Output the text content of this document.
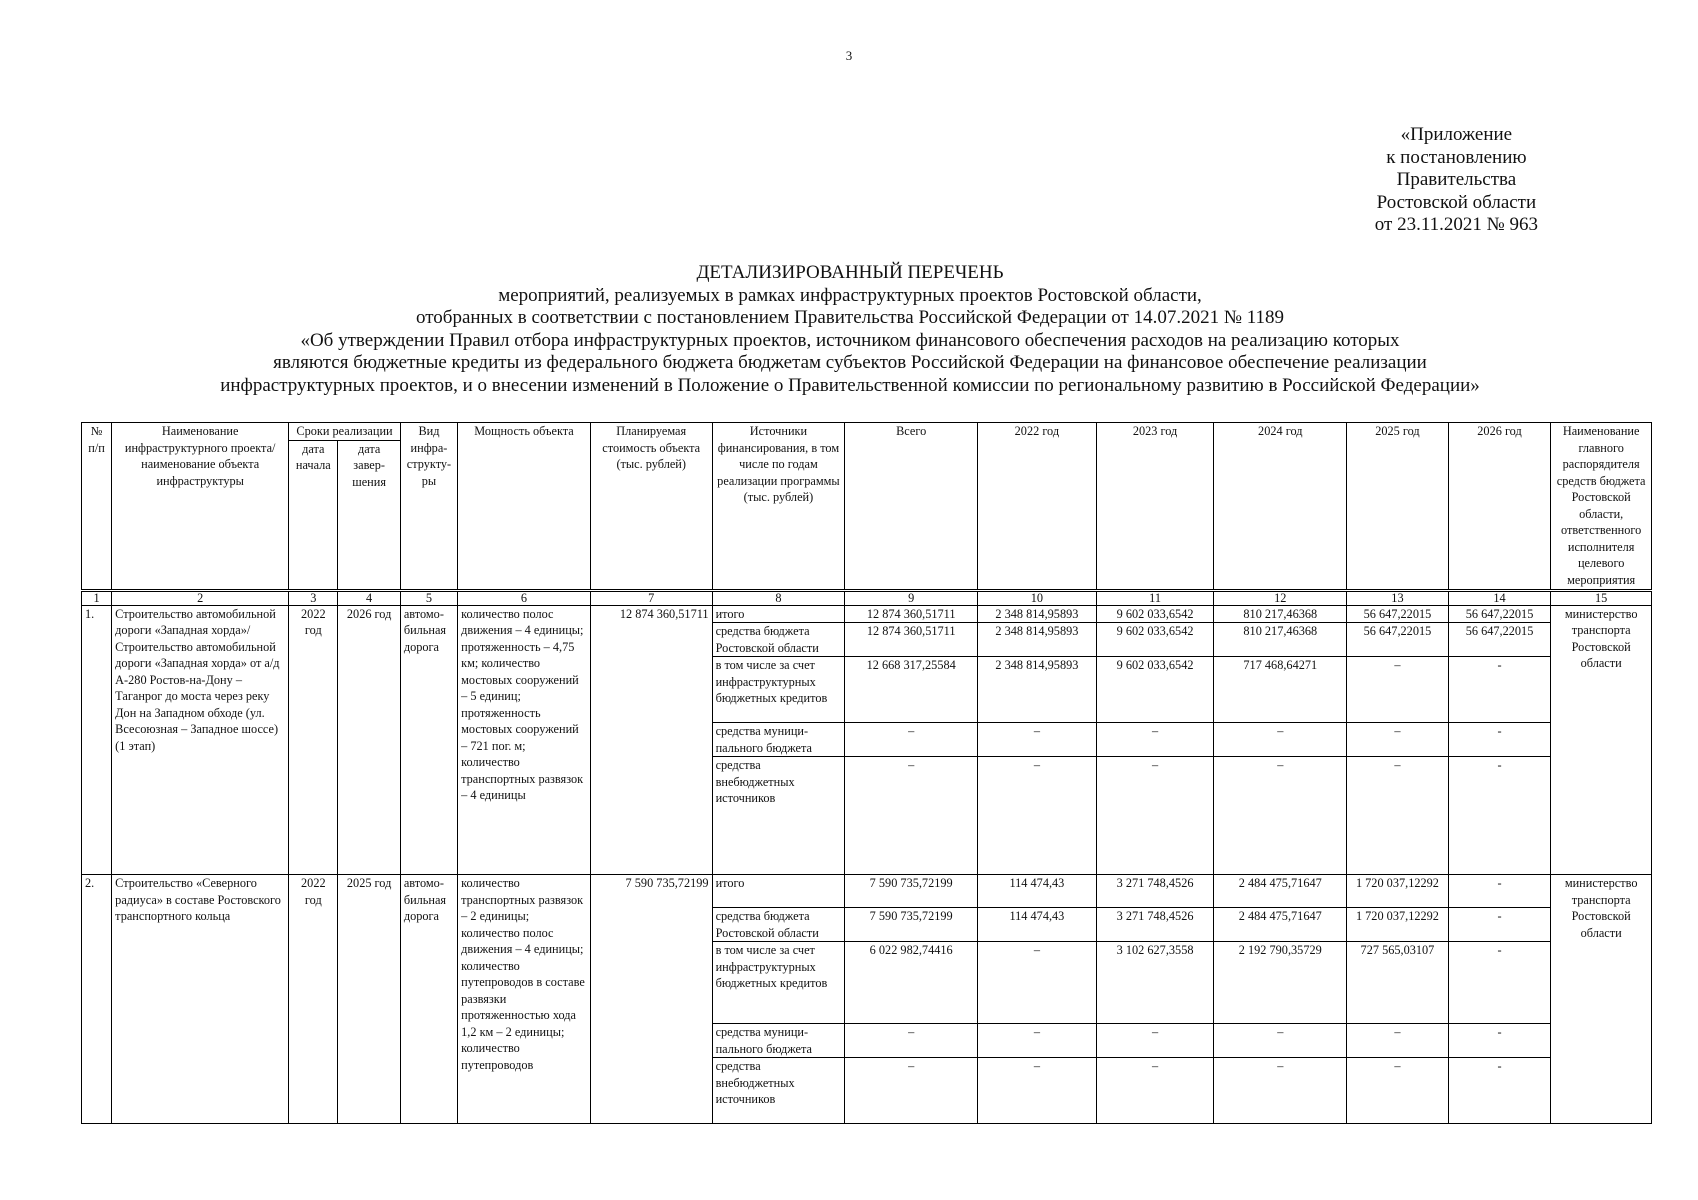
3
«Приложение
к постановлению
Правительства
Ростовской области
от 23.11.2021 № 963
ДЕТАЛИЗИРОВАННЫЙ ПЕРЕЧЕНЬ
мероприятий, реализуемых в рамках инфраструктурных проектов Ростовской области,
отобранных в соответствии с постановлением Правительства Российской Федерации от 14.07.2021 № 1189
«Об утверждении Правил отбора инфраструктурных проектов, источником финансового обеспечения расходов на реализацию которых
являются бюджетные кредиты из федерального бюджета бюджетам субъектов Российской Федерации на финансовое обеспечение реализации
инфраструктурных проектов, и о внесении изменений в Положение о Правительственной комиссии по региональному развитию в Российской Федерации»
№ п/п	Наименование инфраструктурного проекта/наименование объекта инфраструктуры	Сроки реализации		Вид инфра-структу-ры	Мощность объекта	Планируемая стоимость объекта (тыс. рублей)	Источники финансирования, в том числе по годам реализации программы (тыс. рублей)	Всего	2022 год	2023 год	2024 год	2025 год	2026 год	Наименование главного распорядителя средств бюджета Ростовской области, ответственного исполнителя целевого мероприятия
		дата начала	дата завер-шения											
1	2	3	4	5	6	7	8	9	10	11	12	13	14	15
1.	Строительство автомобильной дороги «Западная хорда»/ Строительство автомобильной дороги «Западная хорда» от а/д А-280 Ростов-на-Дону – Таганрог до моста через реку Дон на Западном обходе (ул. Всесоюзная – Западное шоссе) (1 этап)	2022 год	2026 год	автомо-бильная дорога	количество полос движения – 4 единицы; протяженность – 4,75 км; количество мостовых сооружений – 5 единиц; протяженность мостовых сооружений – 721 пог. м; количество транспортных развязок – 4 единицы	12 874 360,51711	итого	12 874 360,51711	2 348 814,95893	9 602 033,6542	810 217,46368	56 647,22015	56 647,22015	министерство транспорта Ростовской области
							средства бюджета Ростовской области	12 874 360,51711	2 348 814,95893	9 602 033,6542	810 217,46368	56 647,22015	56 647,22015	
							в том числе за счет инфраструктурных бюджетных кредитов	12 668 317,25584	2 348 814,95893	9 602 033,6542	717 468,64271	–	-	
							средства муници-пального бюджета	–	–	–	–	–	-	
							средства внебюджетных источников	–	–	–	–	–	-	
2.	Строительство «Северного радиуса» в составе Ростовского транспортного кольца	2022 год	2025 год	автомо-бильная дорога	количество транспортных развязок – 2 единицы; количество полос движения – 4 единицы; количество путепроводов в составе развязки протяженностью хода 1,2 км – 2 единицы; количество путепроводов	7 590 735,72199	итого	7 590 735,72199	114 474,43	3 271 748,4526	2 484 475,71647	1 720 037,12292	-	министерство транспорта Ростовской области
							средства бюджета Ростовской области	7 590 735,72199	114 474,43	3 271 748,4526	2 484 475,71647	1 720 037,12292	-	
							в том числе за счет инфраструктурных бюджетных кредитов	6 022 982,74416	–	3 102 627,3558	2 192 790,35729	727 565,03107	-	
							средства муници-пального бюджета	–	–	–	–	–	-	
							средства внебюджетных источников	–	–	–	–	–	-	
